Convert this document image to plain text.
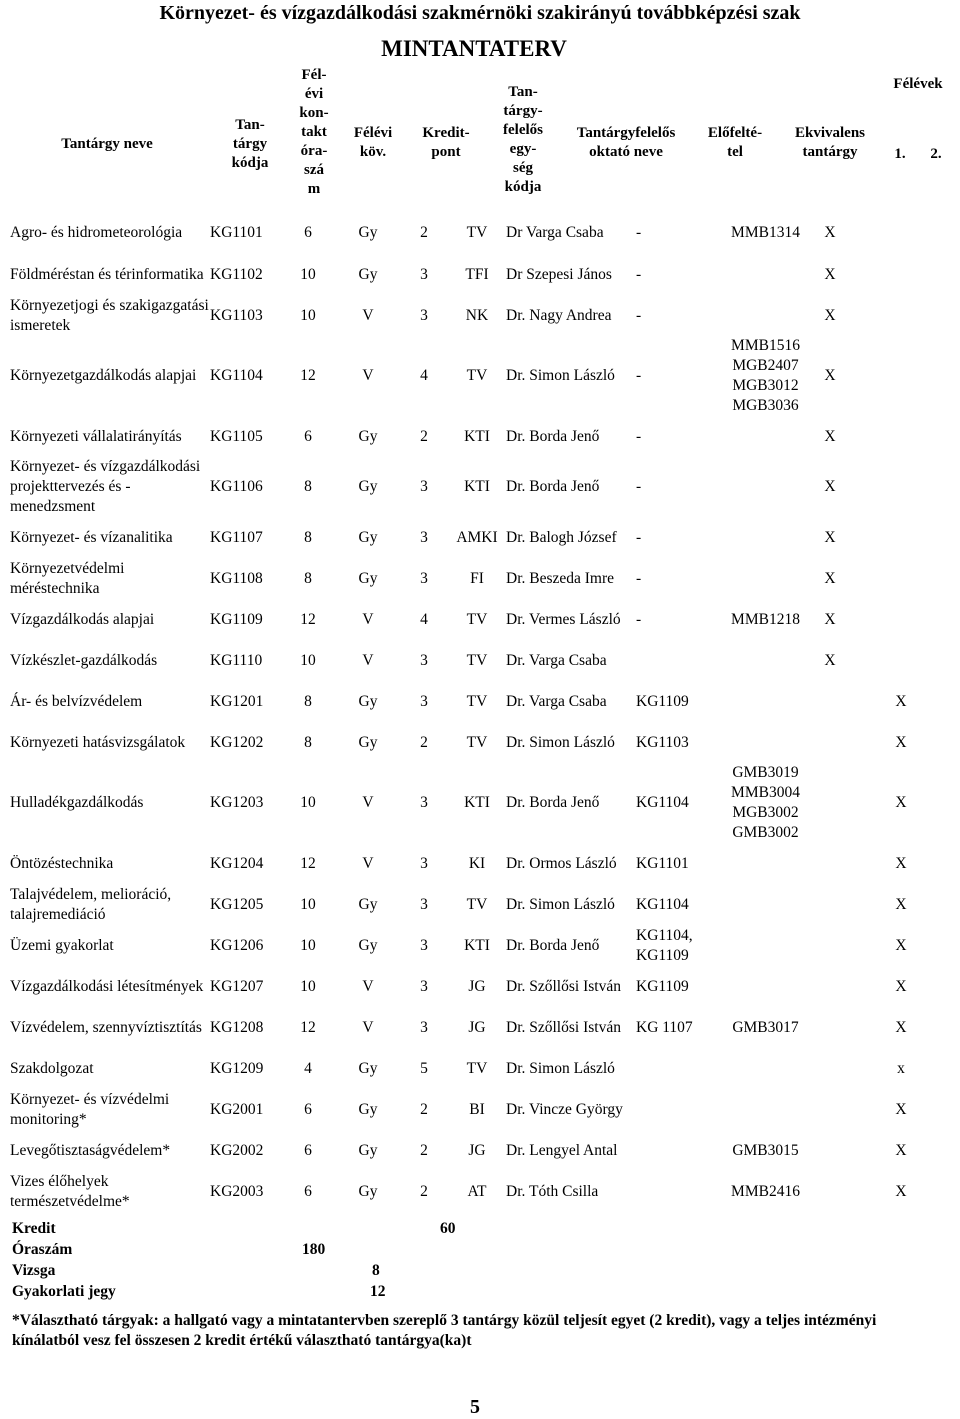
Környezet- és vízgazdálkodási szakmérnöki szakirányú továbbképzési szak
MINTANTATERV
Tantárgy neve
Tan-
tárgy
kódja
Fél-
évi
kon-
takt
óra-
szá
m
Félévi
köv.
Kredit-
pont
Tan-
tárgy-
felelős
egy-
ség
kódja
Tantárgyfelelős
oktató neve
Előfelté-
tel
Ekvivalens
tantárgy
Félévek
1.	2.
Agro- és hidrometeorológia	KG1101	6	Gy	2	TV	Dr Varga Csaba	-	MMB1314	X	
Földméréstan és térinformatika	KG1102	10	Gy	3	TFI	Dr Szepesi János	-		X	
Környezetjogi és szakigazgatási ismeretek	KG1103	10	V	3	NK	Dr. Nagy Andrea	-		X	
Környezetgazdálkodás alapjai	KG1104	12	V	4	TV	Dr. Simon László	-	MMB1516 MGB2407 MGB3012 MGB3036	X	
Környezeti vállalatirányítás	KG1105	6	Gy	2	KTI	Dr. Borda Jenő	-		X	
Környezet- és vízgazdálkodási projekttervezés és -menedzsment	KG1106	8	Gy	3	KTI	Dr. Borda Jenő	-		X	
Környezet- és vízanalitika	KG1107	8	Gy	3	AMKI	Dr. Balogh József	-		X	
Környezetvédelmi méréstechnika	KG1108	8	Gy	3	FI	Dr. Beszeda Imre	-		X	
Vízgazdálkodás alapjai	KG1109	12	V	4	TV	Dr. Vermes László	-	MMB1218	X	
Vízkészlet-gazdálkodás	KG1110	10	V	3	TV	Dr. Varga Csaba			X	
Ár- és belvízvédelem	KG1201	8	Gy	3	TV	Dr. Varga Csaba	KG1109			X
Környezeti hatásvizsgálatok	KG1202	8	Gy	2	TV	Dr. Simon László	KG1103			X
Hulladékgazdálkodás	KG1203	10	V	3	KTI	Dr. Borda Jenő	KG1104	GMB3019 MMB3004 MGB3002 GMB3002		X
Öntözéstechnika	KG1204	12	V	3	KI	Dr. Ormos László	KG1101			X
Talajvédelem, melioráció, talajremediáció	KG1205	10	Gy	3	TV	Dr. Simon László	KG1104			X
Üzemi gyakorlat	KG1206	10	Gy	3	KTI	Dr. Borda Jenő	KG1104, KG1109			X
Vízgazdálkodási létesítmények	KG1207	10	V	3	JG	Dr. Szőllősi István	KG1109			X
Vízvédelem, szennyvíztisztítás	KG1208	12	V	3	JG	Dr. Szőllősi István	KG 1107	GMB3017		X
Szakdolgozat	KG1209	4	Gy	5	TV	Dr. Simon László				x
Környezet- és vízvédelmi monitoring*	KG2001	6	Gy	2	BI	Dr. Vincze György				X
Levegőtisztaságvédelem*	KG2002	6	Gy	2	JG	Dr. Lengyel Antal		GMB3015		X
Vizes élőhelyek természetvédelme*	KG2003	6	Gy	2	AT	Dr. Tóth Csilla		MMB2416		X
Kredit	60
Óraszám	180
Vizsga	8
Gyakorlati jegy	12
*Választható tárgyak: a hallgató vagy a mintatantervben szereplő 3 tantárgy közül teljesít egyet (2 kredit), vagy a teljes intézményi kínálatból vesz fel összesen 2 kredit értékű választható tantárgya(ka)t
5
